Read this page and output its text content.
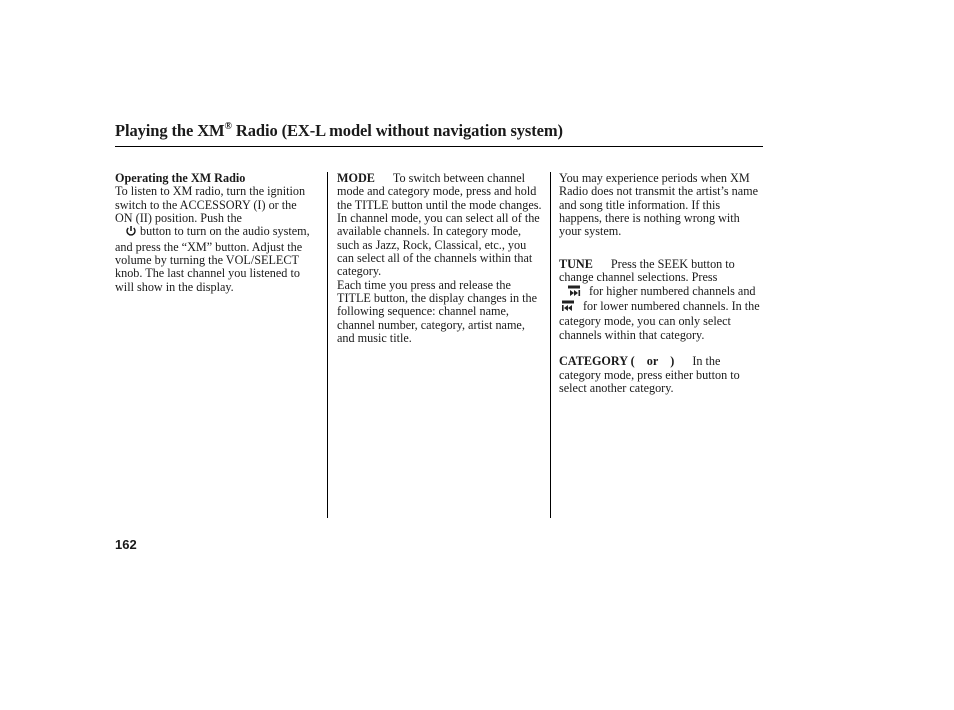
Playing the XM® Radio (EX-L model without navigation system)

Operating the XM Radio

To listen to XM radio, turn the ignition switch to the ACCESSORY (I) or the ON (II) position. Push the
button to turn on the audio system, and press the “XM” button. Adjust the volume by turning the VOL/SELECT knob. The last channel you listened to will show in the display.

MODE To switch between channel mode and category mode, press and hold the TITLE button until the mode changes.

In channel mode, you can select all of the available channels. In category mode, such as Jazz, Rock, Classical, etc., you can select all of the channels within that category.

Each time you press and release the TITLE button, the display changes in the following sequence: channel name, channel number, category, artist name, and music title.

You may experience periods when XM Radio does not transmit the artist’s name and song title information. If this happens, there is nothing wrong with your system.

TUNE Press the SEEK button to change channel selections. Press
for higher numbered channels andfor lower numbered channels. In the category mode, you can only select channels within that category.

CATEGORY ( or ) In the
category mode, press either button to select another category.

162
